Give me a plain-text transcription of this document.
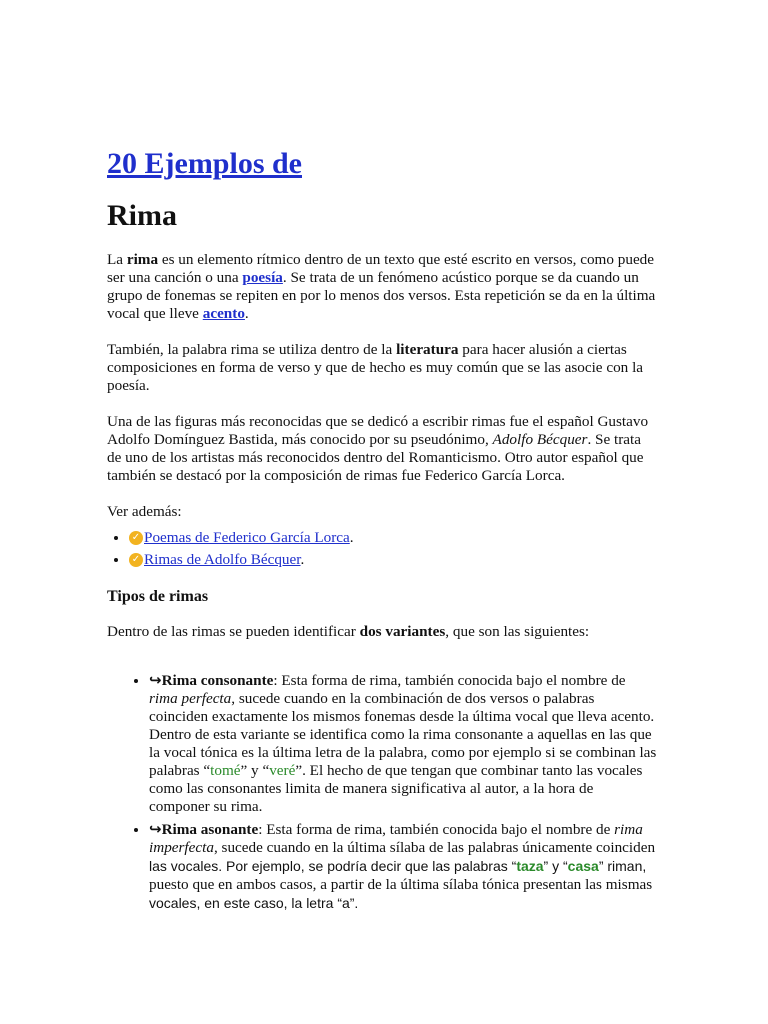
20 Ejemplos de
Rima

La rima es un elemento rítmico dentro de un texto que esté escrito en versos, como puede ser una canción o una poesía. Se trata de un fenómeno acústico porque se da cuando un grupo de fonemas se repiten en por lo menos dos versos. Esta repetición se da en la última vocal que lleve acento.

También, la palabra rima se utiliza dentro de la literatura para hacer alusión a ciertas composiciones en forma de verso y que de hecho es muy común que se las asocie con la poesía.

Una de las figuras más reconocidas que se dedicó a escribir rimas fue el español Gustavo Adolfo Domínguez Bastida, más conocido por su pseudónimo, Adolfo Bécquer. Se trata de uno de los artistas más reconocidos dentro del Romanticismo. Otro autor español que también se destacó por la composición de rimas fue Federico García Lorca.

Ver además:

• ✓ Poemas de Federico García Lorca.
• ✓ Rimas de Adolfo Bécquer.
Tipos de rimas

Dentro de las rimas se pueden identificar dos variantes, que son las siguientes:

• ↪Rima consonante: Esta forma de rima, también conocida bajo el nombre de rima perfecta, sucede cuando en la combinación de dos versos o palabras coinciden exactamente los mismos fonemas desde la última vocal que lleva acento. Dentro de esta variante se identifica como la rima consonante a aquellas en las que la vocal tónica es la última letra de la palabra, como por ejemplo si se combinan las palabras “tomé” y “veré”. El hecho de que tengan que combinar tanto las vocales como las consonantes limita de manera significativa al autor, a la hora de componer su rima.
• ↪Rima asonante: Esta forma de rima, también conocida bajo el nombre de rima imperfecta, sucede cuando en la última sílaba de las palabras únicamente coinciden las vocales. Por ejemplo, se podría decir que las palabras “taza” y “casa” riman, puesto que en ambos casos, a partir de la última sílaba tónica presentan las mismas vocales, en este caso, la letra “a”.
